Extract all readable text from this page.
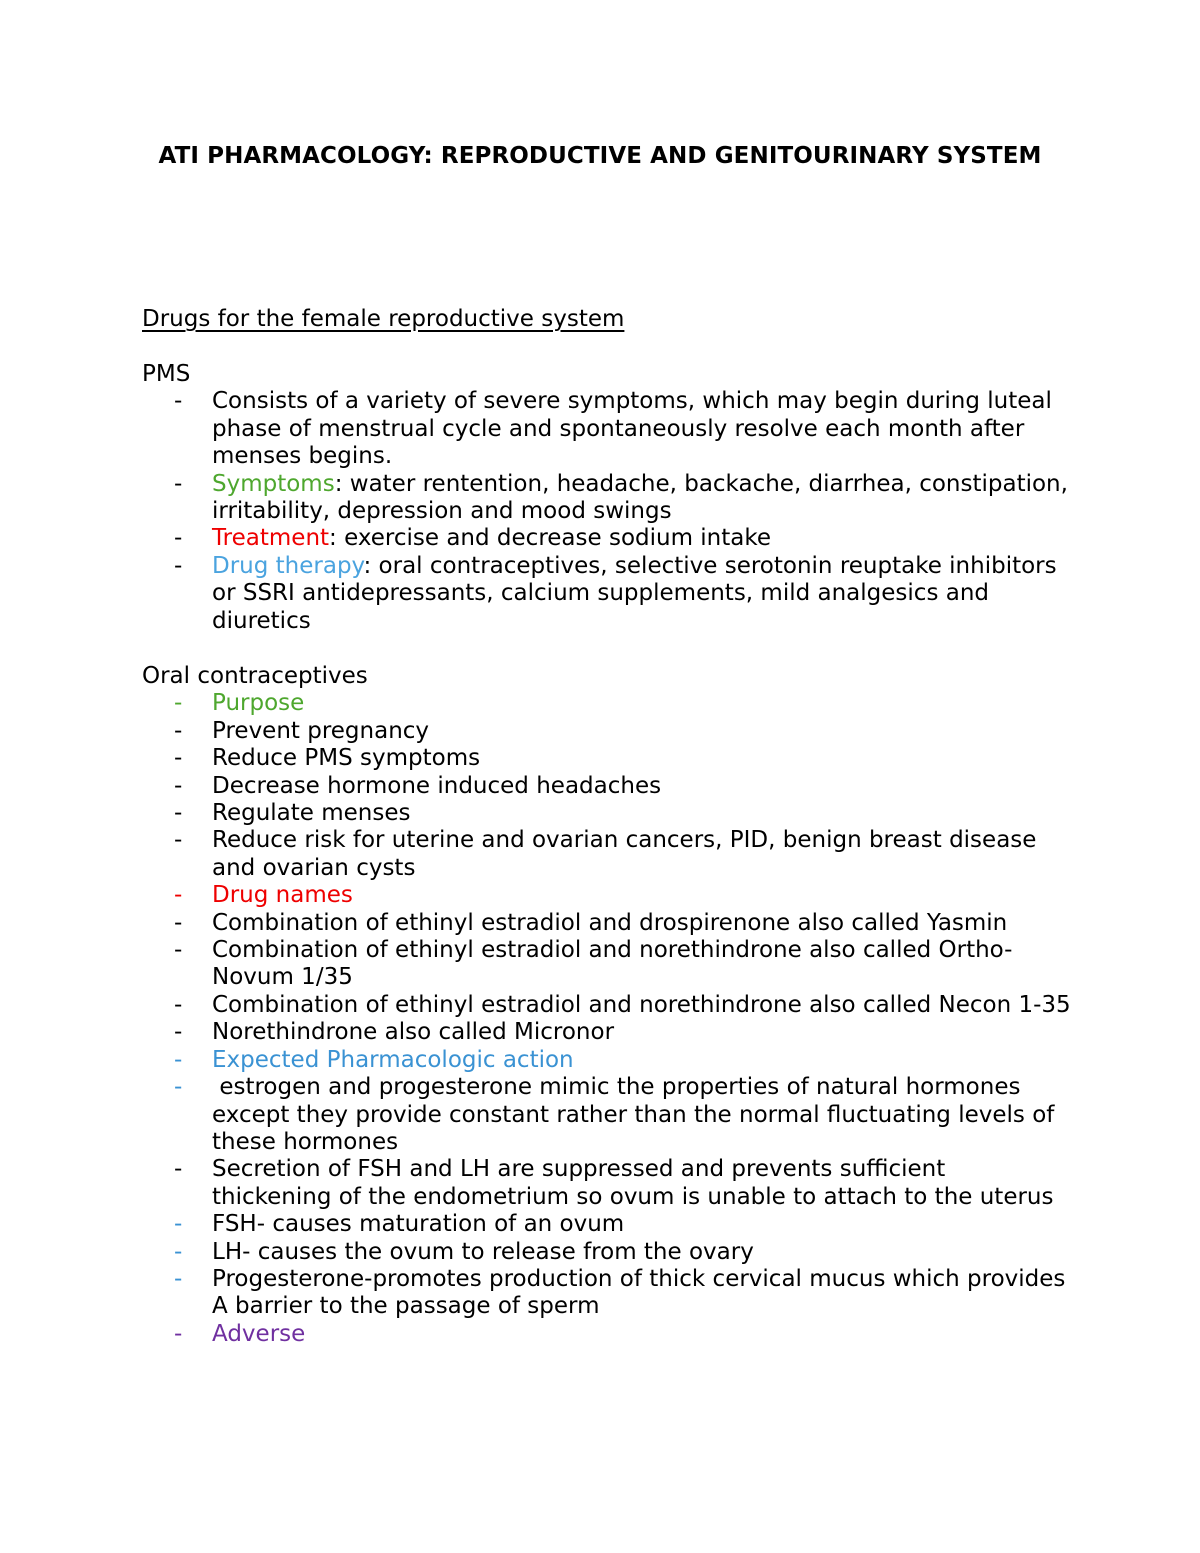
ATI PHARMACOLOGY: REPRODUCTIVE AND GENITOURINARY SYSTEM
Drugs for the female reproductive system
PMS
- Consists of a variety of severe symptoms, which may begin during luteal phase of menstrual cycle and spontaneously resolve each month after menses begins.
- Symptoms: water rentention, headache, backache, diarrhea, constipation, irritability, depression and mood swings
- Treatment: exercise and decrease sodium intake
- Drug therapy: oral contraceptives, selective serotonin reuptake inhibitors or SSRI antidepressants, calcium supplements, mild analgesics and diuretics
Oral contraceptives
- Purpose
- Prevent pregnancy
- Reduce PMS symptoms
- Decrease hormone induced headaches
- Regulate menses
- Reduce risk for uterine and ovarian cancers, PID, benign breast disease and ovarian cysts
- Drug names
- Combination of ethinyl estradiol and drospirenone also called Yasmin
- Combination of ethinyl estradiol and norethindrone also called Ortho-Novum 1/35
- Combination of ethinyl estradiol and norethindrone also called Necon 1-35
- Norethindrone also called Micronor
- Expected Pharmacologic action
- estrogen and progesterone mimic the properties of natural hormones except they provide constant rather than the normal fluctuating levels of these hormones
- Secretion of FSH and LH are suppressed and prevents sufficient thickening of the endometrium so ovum is unable to attach to the uterus
- FSH- causes maturation of an ovum
- LH- causes the ovum to release from the ovary
- Progesterone-promotes production of thick cervical mucus which provides A barrier to the passage of sperm
- Adverse
